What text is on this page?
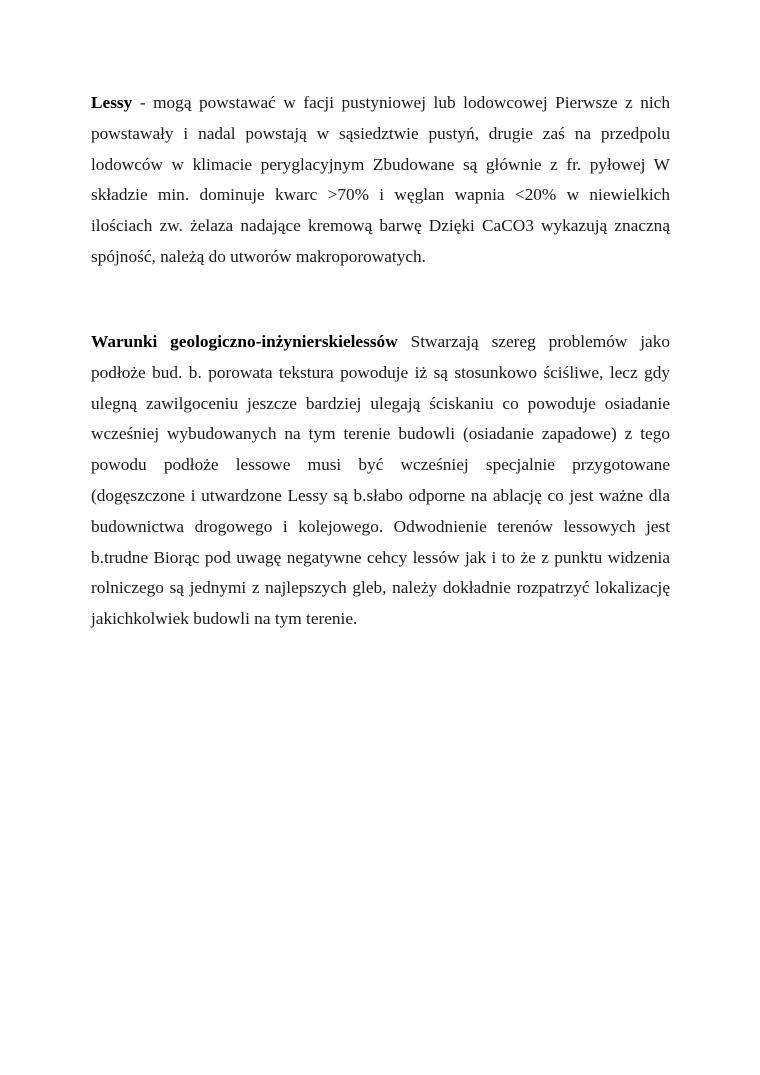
Lessy - mogą powstawać w facji pustyniowej lub lodowcowej Pierwsze z nich powstawały i nadal powstają w sąsiedztwie pustyń, drugie zaś na przedpolu lodowców w klimacie peryglacyjnym Zbudowane są głównie z fr. pyłowej W składzie min. dominuje kwarc >70% i węglan wapnia <20% w niewielkich ilościach zw. żelaza nadające kremową barwę Dzięki CaCO3 wykazują znaczną spójność, należą do utworów makroporowatych.

Warunki geologiczno-inżynierskielessów Stwarzają szereg problemów jako podłoże bud. b. porowata tekstura powoduje iż są stosunkowo ściśliwe, lecz gdy ulegną zawilgoceniu jeszcze bardziej ulegają ściskaniu co powoduje osiadanie wcześniej wybudowanych na tym terenie budowli (osiadanie zapadowe) z tego powodu podłoże lessowe musi być wcześniej specjalnie przygotowane (dogęszczone i utwardzone Lessy są b.słabo odporne na ablację co jest ważne dla budownictwa drogowego i kolejowego. Odwodnienie terenów lessowych jest b.trudne Biorąc pod uwagę negatywne cehcy lessów jak i to że z punktu widzenia rolniczego są jednymi z najlepszych gleb, należy dokładnie rozpatrzyć lokalizację jakichkolwiek budowli na tym terenie.
